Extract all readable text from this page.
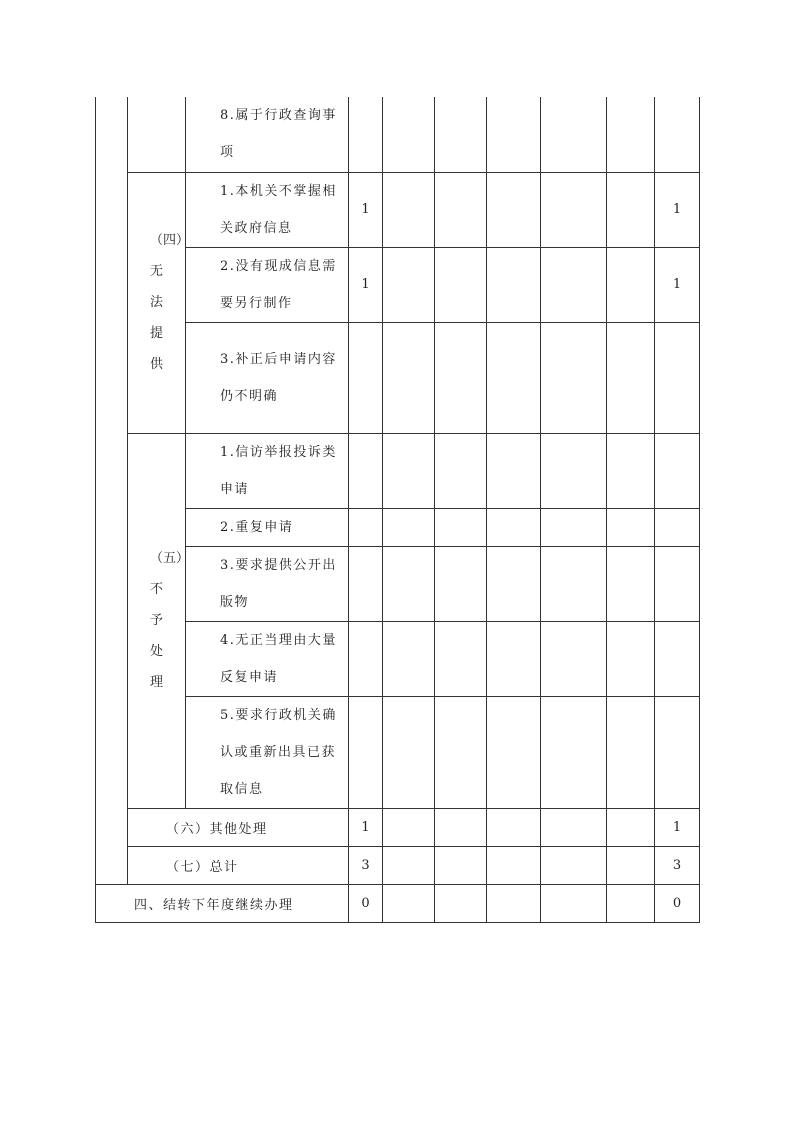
		8.属于行政查询事项							
	（四）无法提供	1.本机关不掌握相关政府信息	1						1
		2.没有现成信息需要另行制作	1						1
		3.补正后申请内容仍不明确							
	（五）不予处理	1.信访举报投诉类申请							
		2.重复申请							
		3.要求提供公开出版物							
		4.无正当理由大量反复申请							
		5.要求行政机关确认或重新出具已获取信息							
	（六）其他处理		1						1
	（七）总计		3						3
四、结转下年度继续办理			0						0
